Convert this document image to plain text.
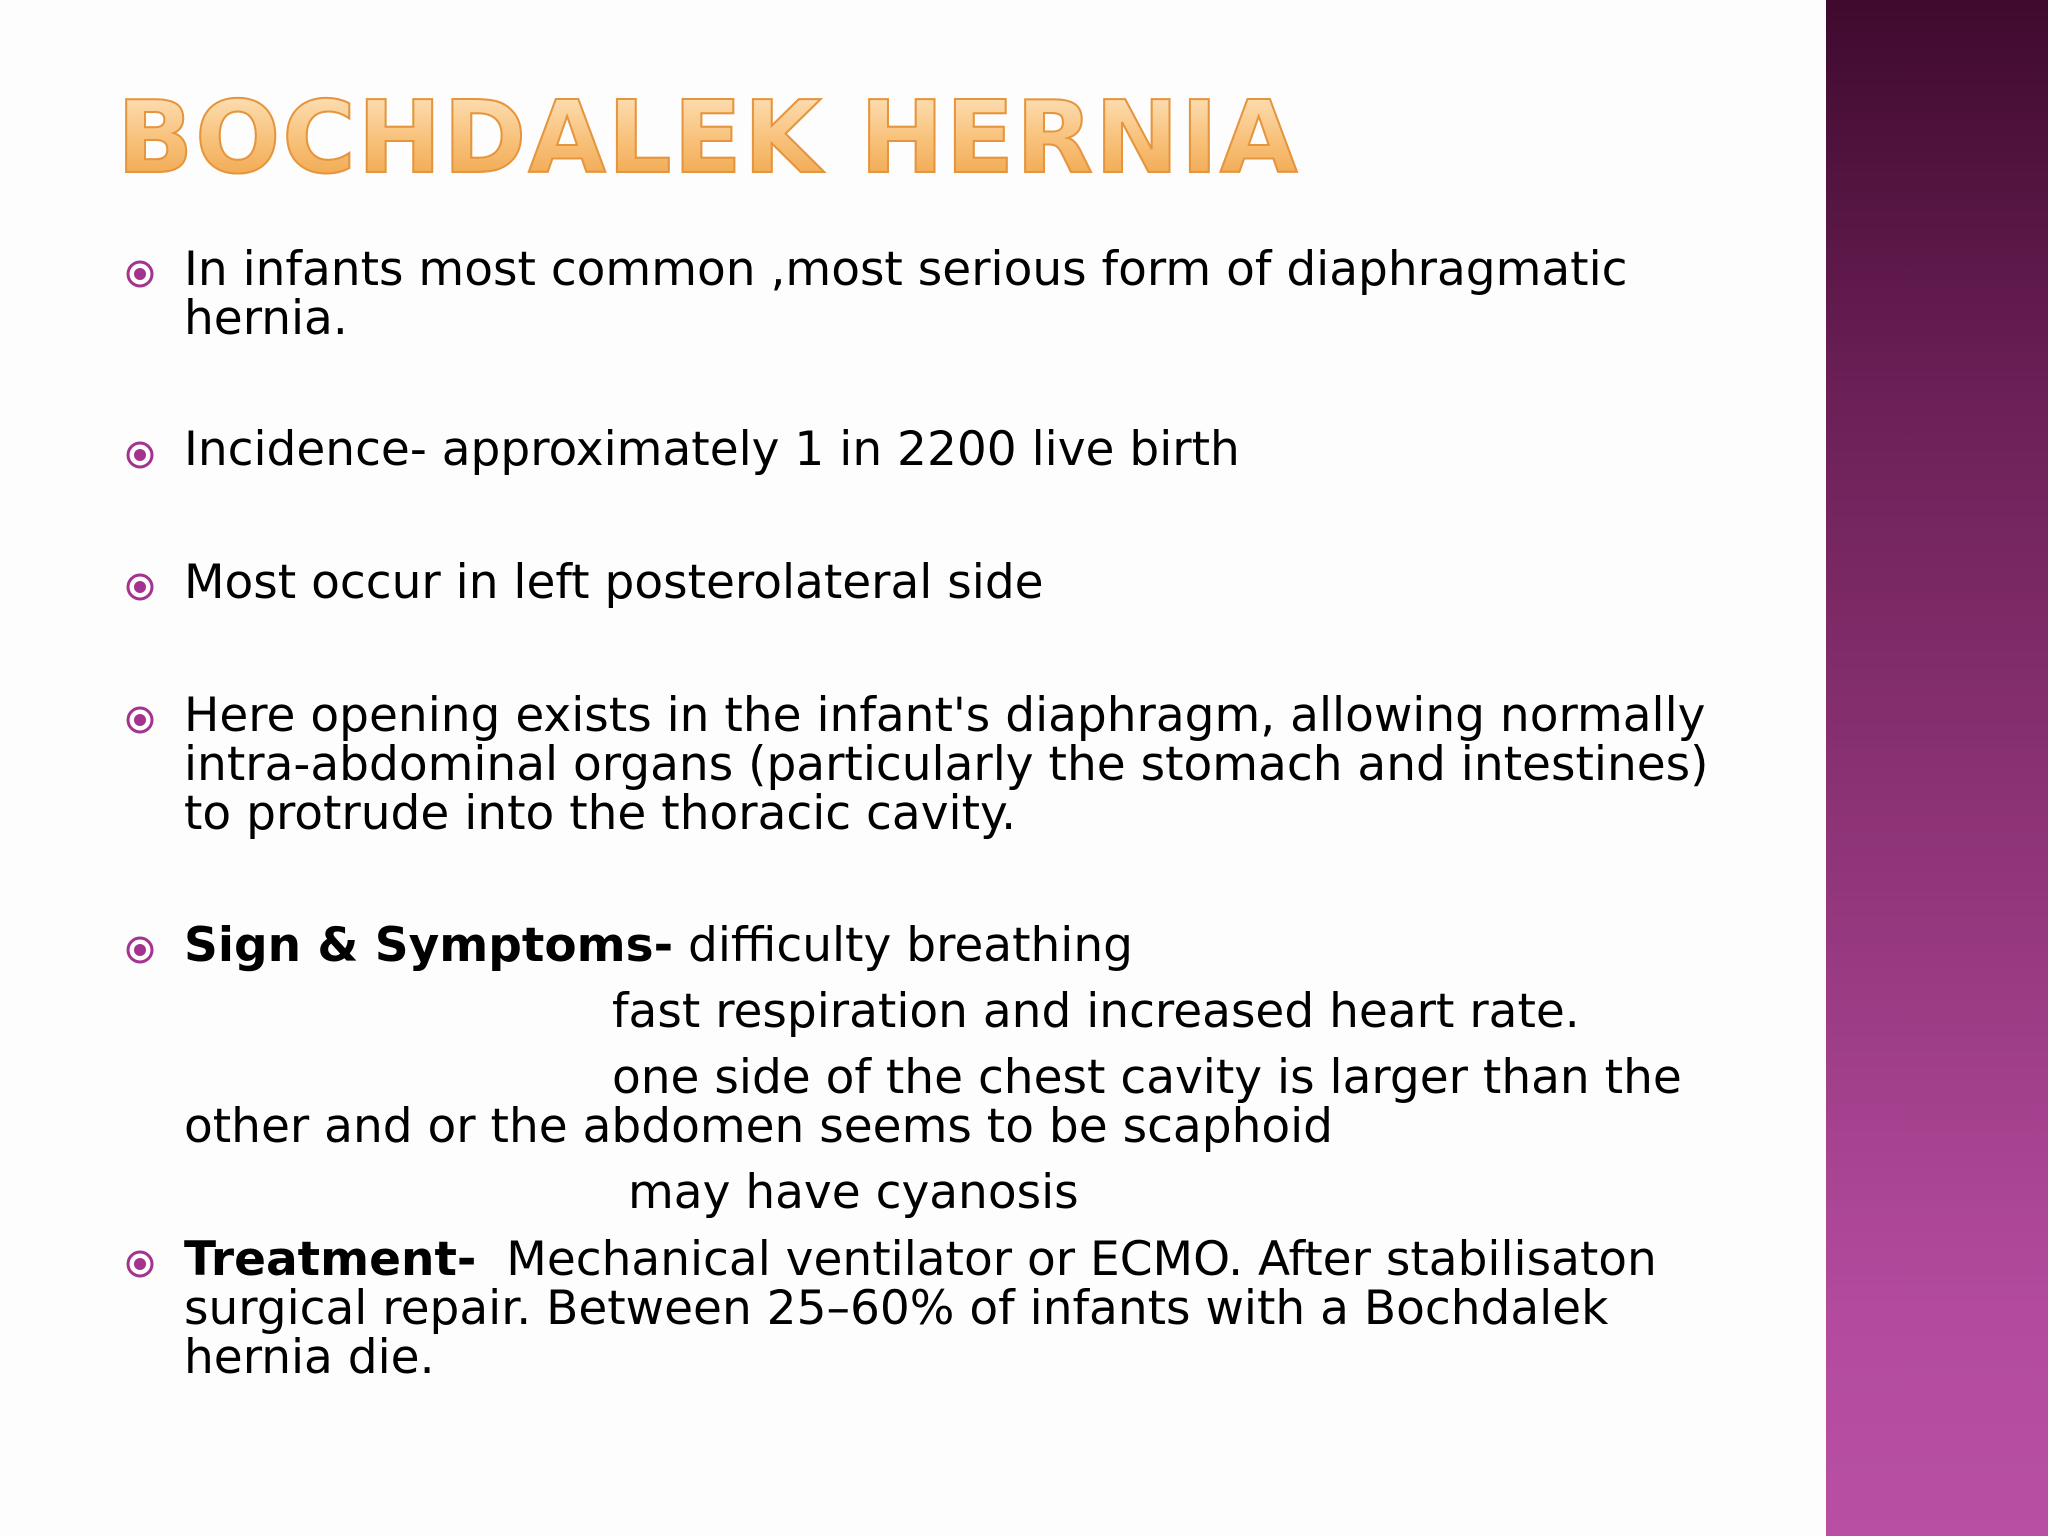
BOCHDALEK HERNIA
In infants most common ,most serious form of diaphragmatic
hernia.
Incidence- approximately 1 in 2200 live birth
Most occur in left posterolateral side
Here opening exists in the infant's diaphragm, allowing normally
intra-abdominal organs (particularly the stomach and intestines)
to protrude into the thoracic cavity.
Sign & Symptoms- difficulty breathing
fast respiration and increased heart rate.
one side of the chest cavity is larger than the
other and or the abdomen seems to be scaphoid
may have cyanosis
Treatment-  Mechanical ventilator or ECMO. After stabilisaton
surgical repair. Between 25–60% of infants with a Bochdalek
hernia die.
